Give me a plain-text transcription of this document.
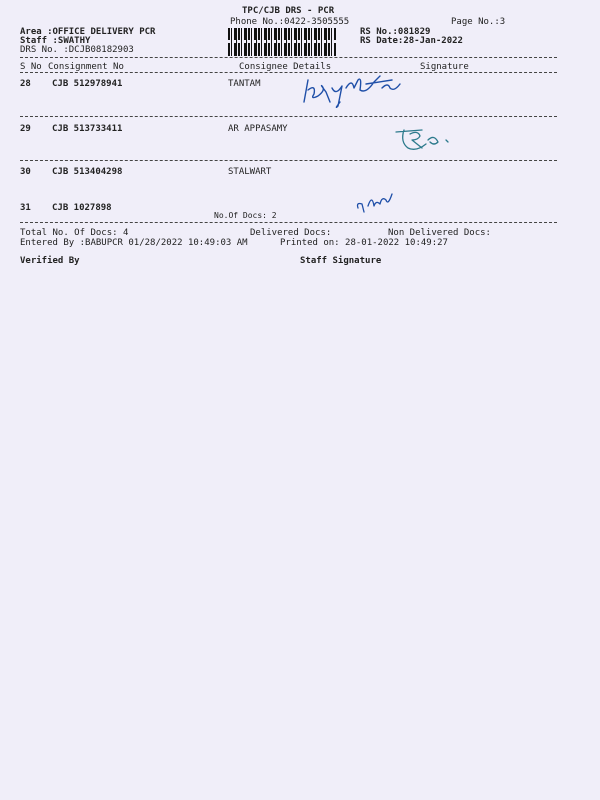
TPC/CJB DRS - PCR
Phone No.:0422-3505555	Page No.:3
Area :OFFICE DELIVERY PCR
Staff :SWATHY
DRS No. :DCJB08182903
RS No.:081829
RS Date:28-Jan-2022
S No Consignment No	Consignee Details	Signature
28 CJB 512978941	TANTAM
29 CJB 513733411	AR APPASAMY
30 CJB 513404298	STALWART
31 CJB 1027898
No.Of Docs: 2
Total No. Of Docs: 4	Delivered Docs:	Non Delivered Docs:
Entered By :BABUPCR 01/28/2022 10:49:03 AM	Printed on: 28-01-2022 10:49:27
Verified By	Staff Signature
